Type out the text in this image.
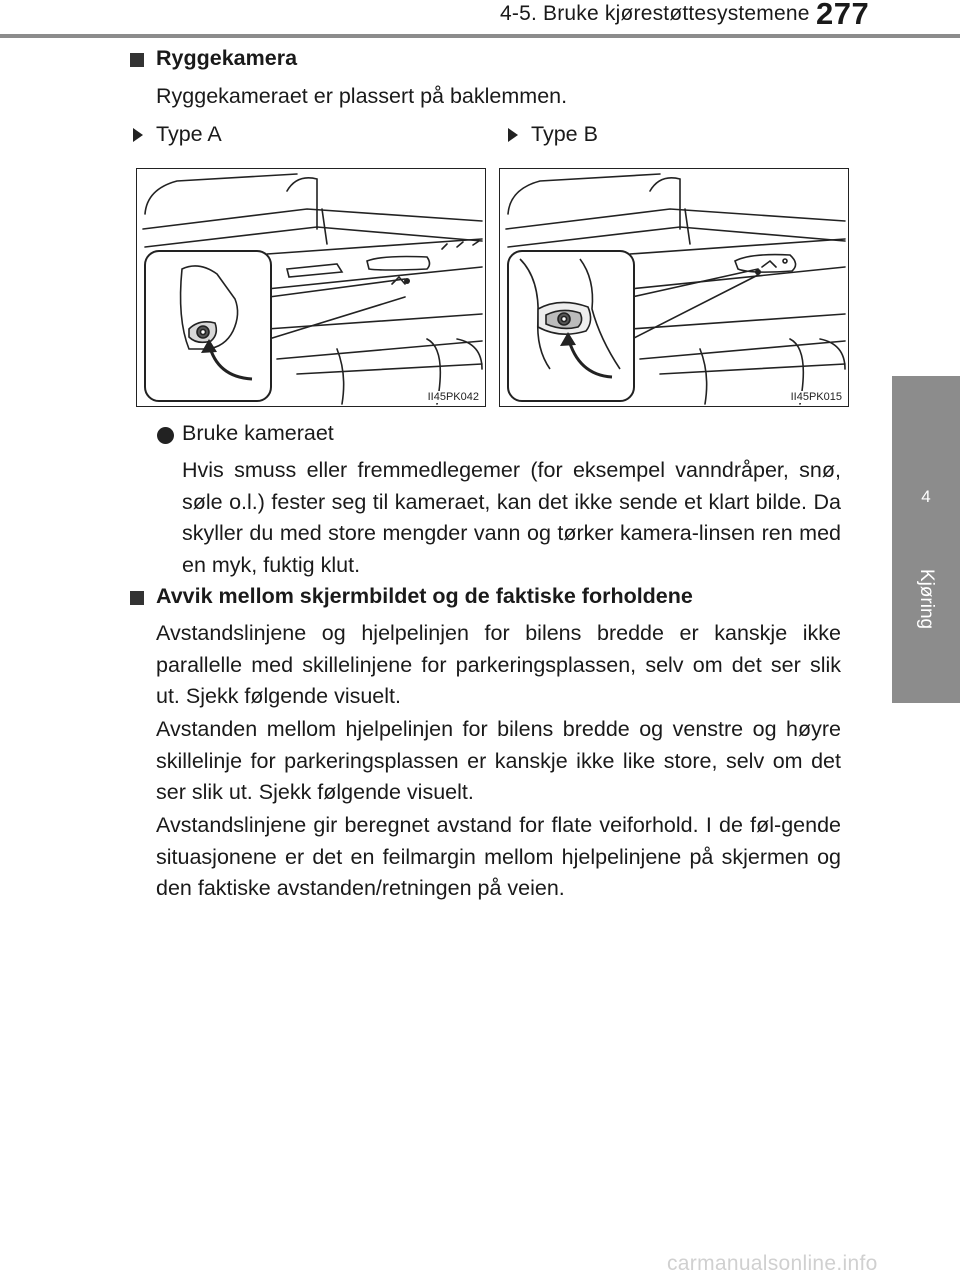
4-5. Bruke kjørestøttesystemene 277
4
Kjøring
Ryggekamera
Ryggekameraet er plassert på baklemmen.
Type A	Type B
II45PK042	II45PK015
Bruke kameraet
Hvis smuss eller fremmedlegemer (for eksempel vanndråper, snø, søle o.l.) fester seg til kameraet, kan det ikke sende et klart bilde. Da skyller du med store mengder vann og tørker kamera-linsen ren med en myk, fuktig klut.
Avvik mellom skjermbildet og de faktiske forholdene
Avstandslinjene og hjelpelinjen for bilens bredde er kanskje ikke parallelle med skillelinjene for parkeringsplassen, selv om det ser slik ut. Sjekk følgende visuelt.
Avstanden mellom hjelpelinjen for bilens bredde og venstre og høyre skillelinje for parkeringsplassen er kanskje ikke like store, selv om det ser slik ut. Sjekk følgende visuelt.
Avstandslinjene gir beregnet avstand for flate veiforhold. I de føl-gende situasjonene er det en feilmargin mellom hjelpelinjene på skjermen og den faktiske avstanden/retningen på veien.
carmanualsonline.info
